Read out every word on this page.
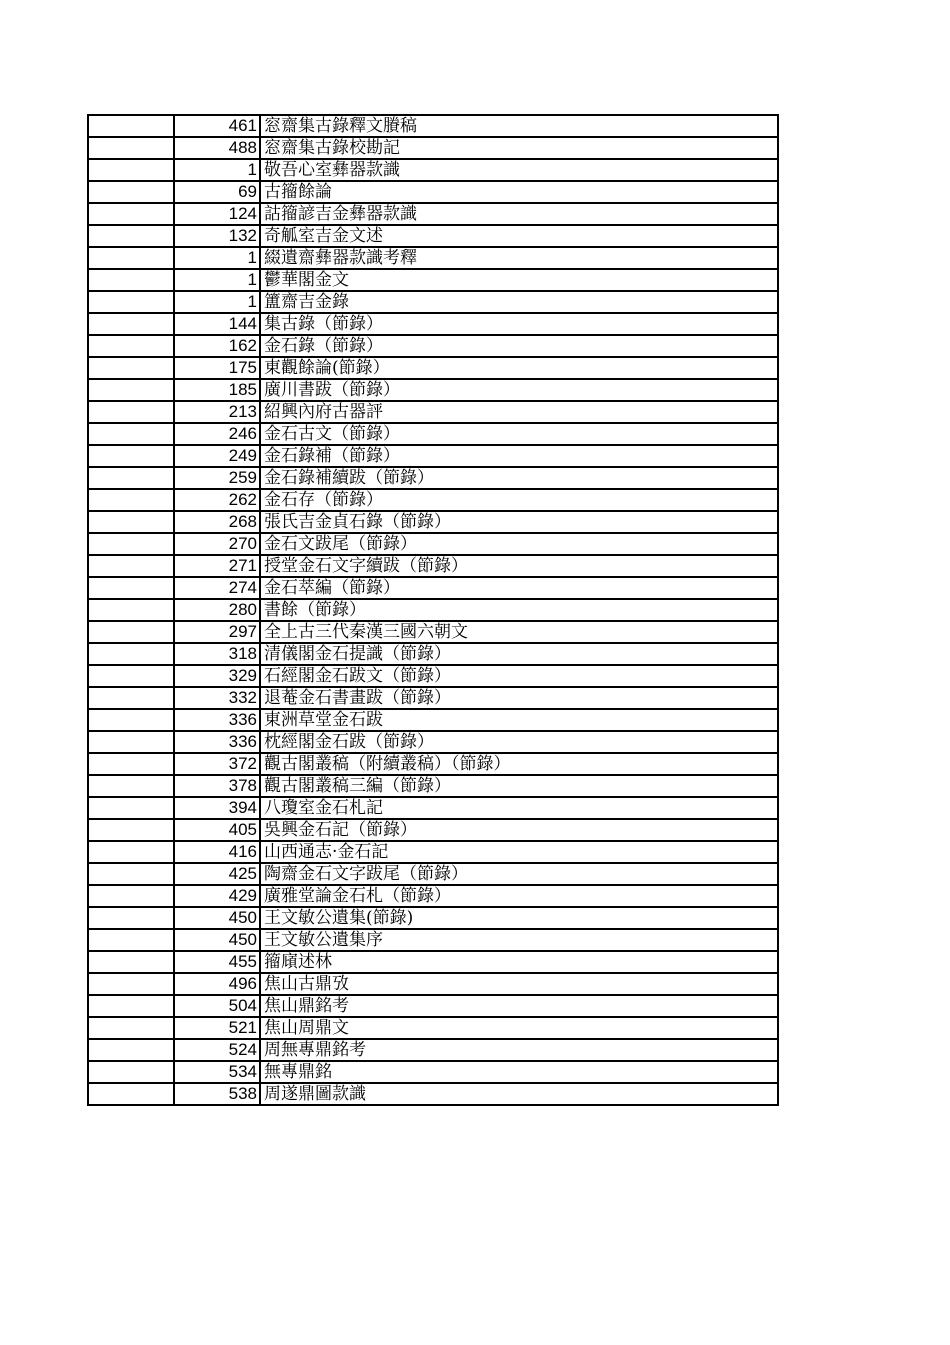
	461	窓齋集古錄釋文賸稿
	488	窓齋集古錄校勘記
	1	敬吾心室彝器款識
	69	古籀餘論
	124	詁籀諺吉金彝器款識
	132	奇觚室吉金文述
	1	綴遺齋彝器款識考釋
	1	鬱華閣金文
	1	簠齋吉金錄
	144	集古錄（節錄）
	162	金石錄（節錄）
	175	東觀餘論(節錄）
	185	廣川書跋（節錄）
	213	紹興內府古器評
	246	金石古文（節錄）
	249	金石錄補（節錄）
	259	金石錄補續跋（節錄）
	262	金石存（節錄）
	268	張氏吉金貞石錄（節錄）
	270	金石文跋尾（節錄）
	271	授堂金石文字續跋（節錄）
	274	金石萃編（節錄）
	280	書餘（節錄）
	297	全上古三代秦漢三國六朝文
	318	清儀閣金石提識（節錄）
	329	石經閣金石跋文（節錄）
	332	退菴金石書畫跋（節錄）
	336	東洲草堂金石跋
	336	枕經閣金石跋（節錄）
	372	觀古閣叢稿（附續叢稿）（節錄）
	378	觀古閣叢稿三編（節錄）
	394	八瓊室金石札記
	405	吳興金石記（節錄）
	416	山西通志·金石記
	425	陶齋金石文字跋尾（節錄）
	429	廣雅堂論金石札（節錄）
	450	王文敏公遺集(節錄)
	450	王文敏公遺集序
	455	籀廎述林
	496	焦山古鼎攷
	504	焦山鼎銘考
	521	焦山周鼎文
	524	周無專鼎銘考
	534	無專鼎銘
	538	周遂鼎圖款識
